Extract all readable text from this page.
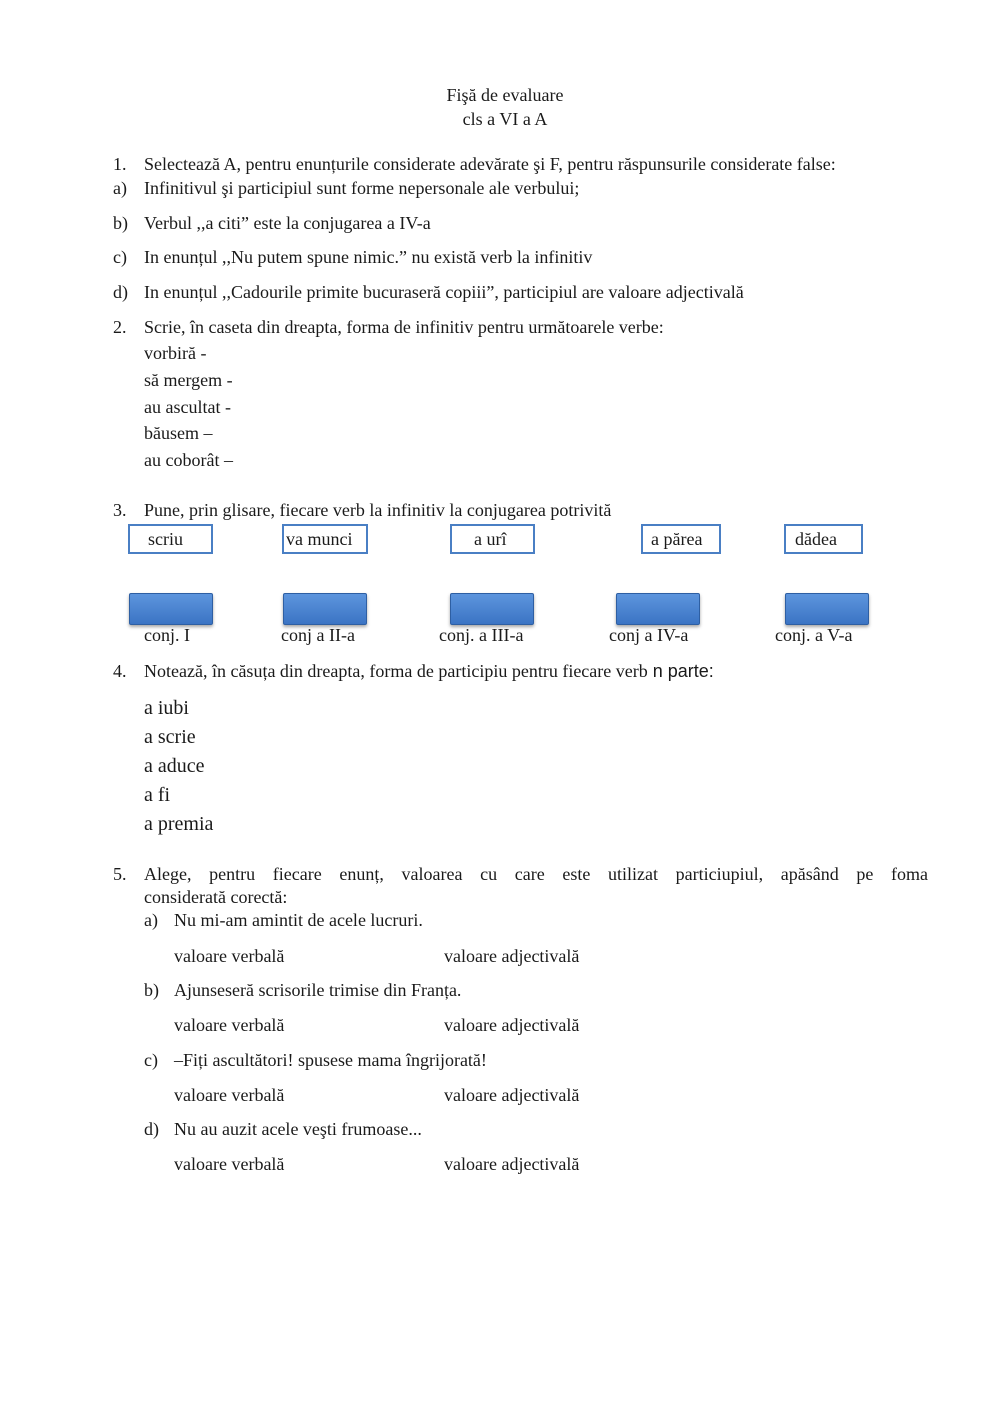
Fişă de evaluare
cls a VI a A
1. Selectează A, pentru enunțurile considerate adevărate şi F, pentru răspunsurile considerate false:
a) Infinitivul şi participiul sunt forme nepersonale ale verbului;
b) Verbul ,,a citi” este la conjugarea a IV-a
c) In enunțul ,,Nu putem spune nimic.” nu există verb la infinitiv
d) In enunțul ,,Cadourile primite bucuraseră copiii”, participiul are valoare adjectivală
2. Scrie, în caseta din dreapta, forma de infinitiv pentru următoarele verbe:
vorbiră -
să mergem -
au ascultat -
băusem –
au coborât –
3. Pune, prin glisare, fiecare verb la infinitiv la conjugarea potrivită
scriu	va munci	a urî	a părea	dădea
conj. I	conj a II-a	conj. a III-a	conj a IV-a	conj. a V-a
4. Notează, în căsuța din dreapta, forma de participiu pentru fiecare verb n parte:
a iubi
a scrie
a aduce
a fi
a premia
5. Alege, pentru fiecare enunț, valoarea cu care este utilizat particiupiul, apăsând pe foma
considerată corectă:
a) Nu mi-am amintit de acele lucruri.
valoare verbală	valoare adjectivală
b) Ajunseseră scrisorile trimise din Franța.
valoare verbală	valoare adjectivală
c) –Fiți ascultători! spusese mama îngrijorată!
valoare verbală	valoare adjectivală
d) Nu au auzit acele veşti frumoase...
valoare verbală	valoare adjectivală
